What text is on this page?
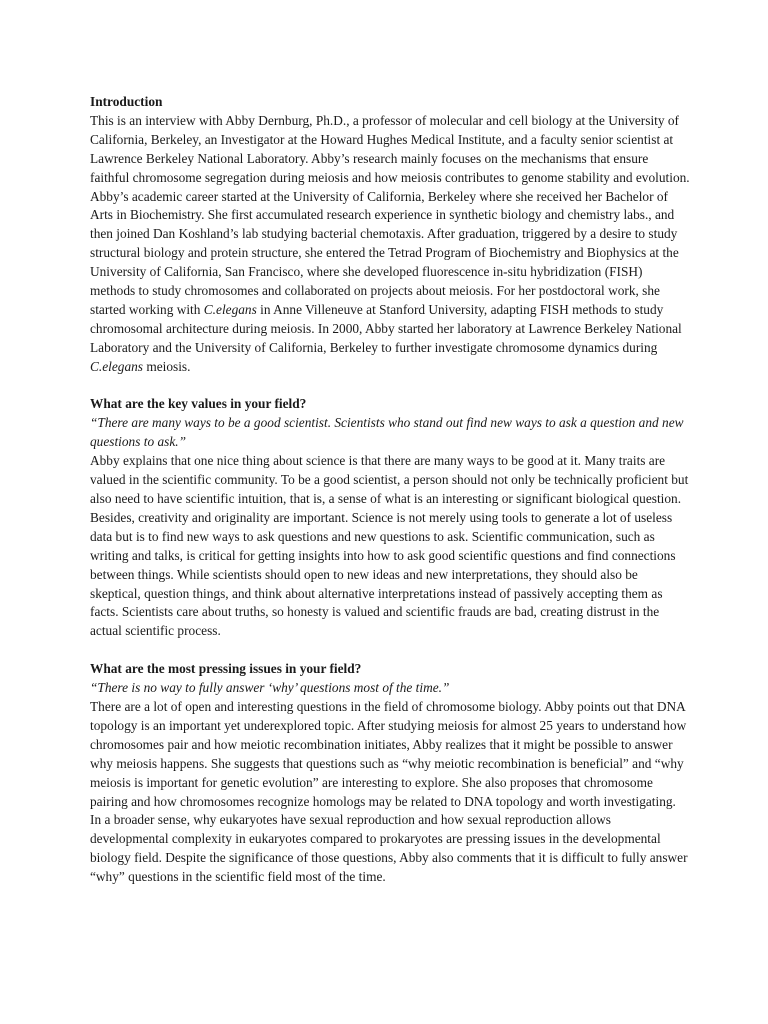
Introduction

This is an interview with Abby Dernburg, Ph.D., a professor of molecular and cell biology at the University of California, Berkeley, an Investigator at the Howard Hughes Medical Institute, and a faculty senior scientist at Lawrence Berkeley National Laboratory. Abby’s research mainly focuses on the mechanisms that ensure faithful chromosome segregation during meiosis and how meiosis contributes to genome stability and evolution. Abby’s academic career started at the University of California, Berkeley where she received her Bachelor of Arts in Biochemistry. She first accumulated research experience in synthetic biology and chemistry labs., and then joined Dan Koshland’s lab studying bacterial chemotaxis. After graduation, triggered by a desire to study structural biology and protein structure, she entered the Tetrad Program of Biochemistry and Biophysics at the University of California, San Francisco, where she developed fluorescence in-situ hybridization (FISH) methods to study chromosomes and collaborated on projects about meiosis. For her postdoctoral work, she started working with C.elegans in Anne Villeneuve at Stanford University, adapting FISH methods to study chromosomal architecture during meiosis. In 2000, Abby started her laboratory at Lawrence Berkeley National Laboratory and the University of California, Berkeley to further investigate chromosome dynamics during C.elegans meiosis.

What are the key values in your field?

“There are many ways to be a good scientist. Scientists who stand out find new ways to ask a question and new questions to ask.”

Abby explains that one nice thing about science is that there are many ways to be good at it. Many traits are valued in the scientific community. To be a good scientist, a person should not only be technically proficient but also need to have scientific intuition, that is, a sense of what is an interesting or significant biological question. Besides, creativity and originality are important. Science is not merely using tools to generate a lot of useless data but is to find new ways to ask questions and new questions to ask. Scientific communication, such as writing and talks, is critical for getting insights into how to ask good scientific questions and find connections between things. While scientists should open to new ideas and new interpretations, they should also be skeptical, question things, and think about alternative interpretations instead of passively accepting them as facts. Scientists care about truths, so honesty is valued and scientific frauds are bad, creating distrust in the actual scientific process.

What are the most pressing issues in your field?

“There is no way to fully answer ‘why’ questions most of the time.”

There are a lot of open and interesting questions in the field of chromosome biology. Abby points out that DNA topology is an important yet underexplored topic. After studying meiosis for almost 25 years to understand how chromosomes pair and how meiotic recombination initiates, Abby realizes that it might be possible to answer why meiosis happens. She suggests that questions such as “why meiotic recombination is beneficial” and “why meiosis is important for genetic evolution” are interesting to explore. She also proposes that chromosome pairing and how chromosomes recognize homologs may be related to DNA topology and worth investigating. In a broader sense, why eukaryotes have sexual reproduction and how sexual reproduction allows developmental complexity in eukaryotes compared to prokaryotes are pressing issues in the developmental biology field. Despite the significance of those questions, Abby also comments that it is difficult to fully answer “why” questions in the scientific field most of the time.
